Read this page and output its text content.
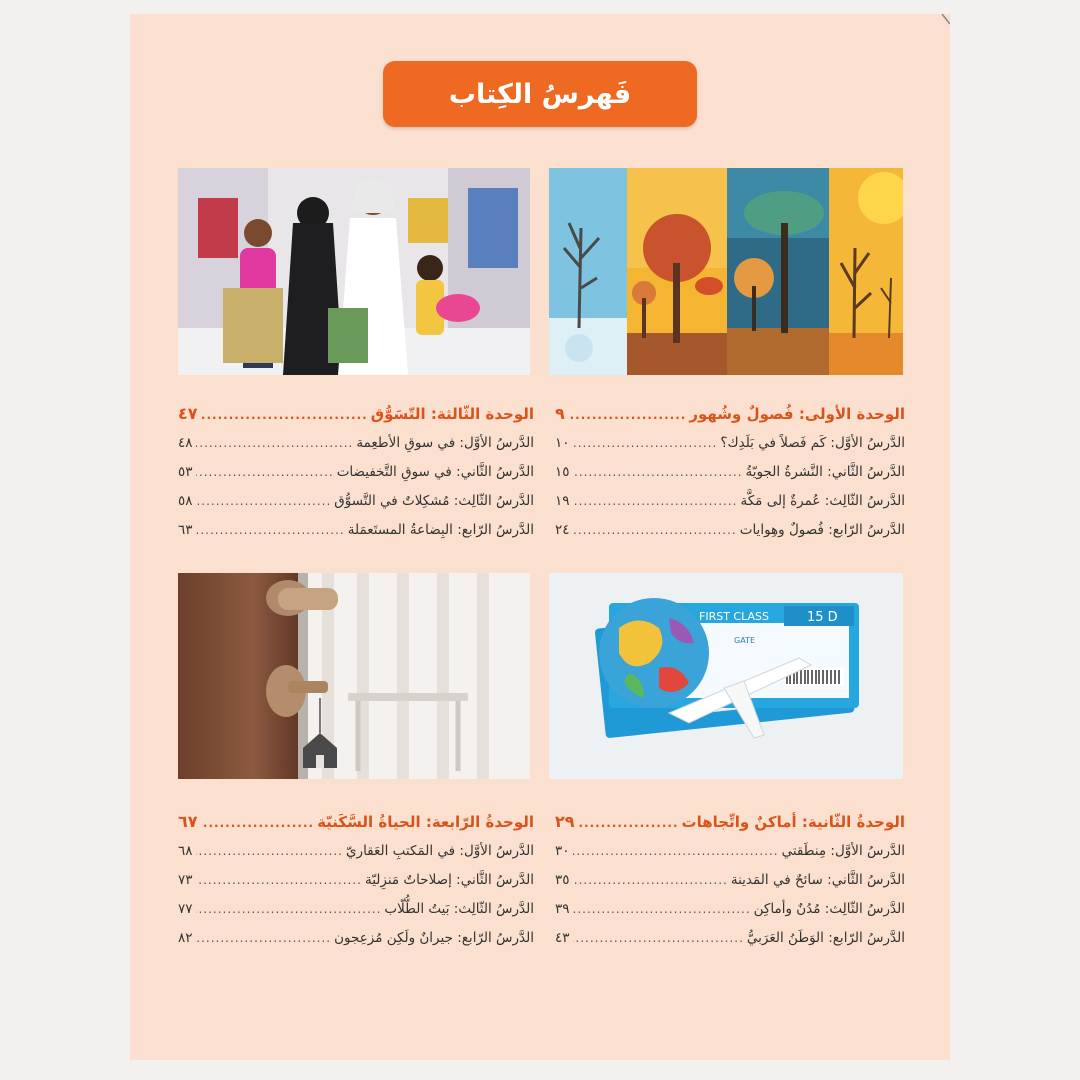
فَهرسُ الكِتاب
FIRST CLASS	15 D
GATE
الوحدة الأولى: فُصولٌ وشُهور
.....
٩
الدَّرسُ الأوَّل: كَم فَصلاً في بَلَدِك؟
.....
١٠
الدَّرسُ الثَّاني: النَّشرةُ الجويّةُ
.....
١٥
الدَّرسُ الثّالِث: عُمرةٌ إلى مَكَّة
.....
١٩
الدَّرسُ الرّابع: فُصولٌ وهِوايات
.....
٢٤
الوحدة الثّالثة: التّسَوُّق
.....
٤٧
الدَّرسُ الأوَّل: في سوقِ الأطعِمة
.....
٤٨
الدَّرسُ الثَّاني: في سوقِ التَّخفيضات
.....
٥٣
الدَّرسُ الثّالِث: مُشكِلاتٌ في التَّسوُّق
.....
٥٨
الدَّرسُ الرّابع: البِضاعةُ المستَعمَلة
.....
٦٣
الوحدةُ الثّانية: أماكنٌ واتِّجاهات
.....
٢٩
الدَّرسُ الأوَّل: مِنطَقتي
.....
٣٠
الدَّرسُ الثَّاني: سائحٌ في المَدينة
.....
٣٥
الدَّرسُ الثّالِث: مُدُنٌ وأماكِن
.....
٣٩
الدَّرسُ الرّابع: الوَطَنُ العَرَبيُّ
.....
٤٣
الوحدةُ الرّابعة: الحياةُ السَّكَنيّة
.....
٦٧
الدَّرسُ الأوَّل: في المَكتبِ العَقاريّ
.....
٦٨
الدَّرسُ الثَّاني: إصلاحاتٌ مَنزِليّة
.....
٧٣
الدَّرسُ الثّالِث: بَيتُ الطُّلّاب
.....
٧٧
الدَّرسُ الرّابع: جيرانٌ ولَكِن مُزعِجون
.....
٨٢
